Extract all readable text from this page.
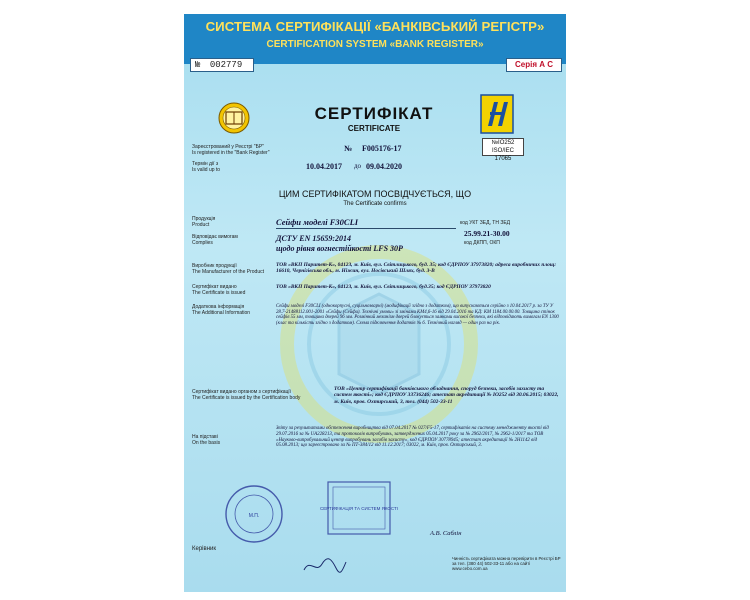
СИСТЕМА СЕРТИФІКАЦІЇ «БАНКІВСЬКИЙ РЕГІСТР»
CERTIFICATION SYSTEM «BANK REGISTER»
№ 002779	Серія А С
№IO252
ISO/IEC 17065
СЕРТИФІКАТ
CERTIFICATE
Зареєстрований у Реєстрі "БР"
Is registered in the "Bank Register"	№ F005176-17
Термін дії з
Is valid up to	10.04.2017 до 09.04.2020
ЦИМ СЕРТИФІКАТОМ ПОСВІДЧУЄТЬСЯ, ЩО
The Certificate confirms
Продукція
Product	Сейфи моделі F30CLI	код УКТ ЗЕД, ТН ЗЕД
25.99.21-30.00
код ДКПП, ОКП
Відповідає вимогам
Complies	ДСТУ EN 15659:2014
щодо рівня вогнестійкості LFS 30P
Виробник продукції
The Manufacturer of the Product
ТОВ «ВКП Паритет-К», 04123, м. Київ, вул. Світлицького, буд. 35; код ЄДРПОУ 37973820; адреса виробничих площ: 16610, Чернігівська обл., м. Ніжин, вул. Носівський Шлях, буд. 3-В
Сертифікат видано
The Certificate is issued
ТОВ «ВКП Паритет-К», 04123, м. Київ, вул. Світлицького, буд.35; код ЄДРПОУ 37973820
Додаткова інформація
The Additional Information
Сейфи моделі F30CLI (однокорпусні, суцільнозварні) (модифікації згідно з додатком), що випускаються серійно з 10.04.2017 р. за ТУ У 28.7-21488112.001-2001 «Сейфи (Сейфи). Технічні умови» зі змінами КМ4,6-16 від 29.04.2016 та КД: КМ 1184.00.00.00. Товщина стінок сейфів 55 мм, товщина дверей 96 мм. Розмінний механізм дверей блокується замками високої безпеки, які відповідають вимогам EN 1300 (клас та кількість згідно з додатком). Схема підключення додатків № 6. Технічний нагляд — один раз на рік.
Сертифікат видано органом з сертифікації
The Certificate is issued by the Certification body
ТОВ «Центр сертифікації банківського обладнання, споруд безпеки, засобів захисту та систем якості»; код ЄДРПОУ 33736246; атестат акредитації № IO252 від 30.06.2015; 03022, м. Київ, пров. Охтирський, 3, тел. (044) 502-33-11
На підставі
On the basis
Звіту за результатами обстеження виробництва від 07.04.2017 № 027/F5-17, сертифікатів на систему менеджменту якості від 29.07.2016 за № UA228213, та протоколів випробувань, затверджених 05.04.2017 року за № 2962/2017, № 2962-1/2017 та ТОВ «Науково-випробувальний центр випробувань засобів захисту», код ЄДРПОУ 30778945; атестат акредитації № 2Н1142 від 05.08.2013; що зареєстровано за № ПТ-384/12 від 11.12.2017; 03022, м. Київ, пров. Охтирський, 3.
М.П.
СЕРТИФІКАЦІЯ ТА СИСТЕМ ЯКОСТІ
Керівник
А.В. Саблін
Чинність сертифіката можна перевірити в Реєстрі БР за тел. (380 44) 502-33-11 або на сайті www.cebo.com.ua
